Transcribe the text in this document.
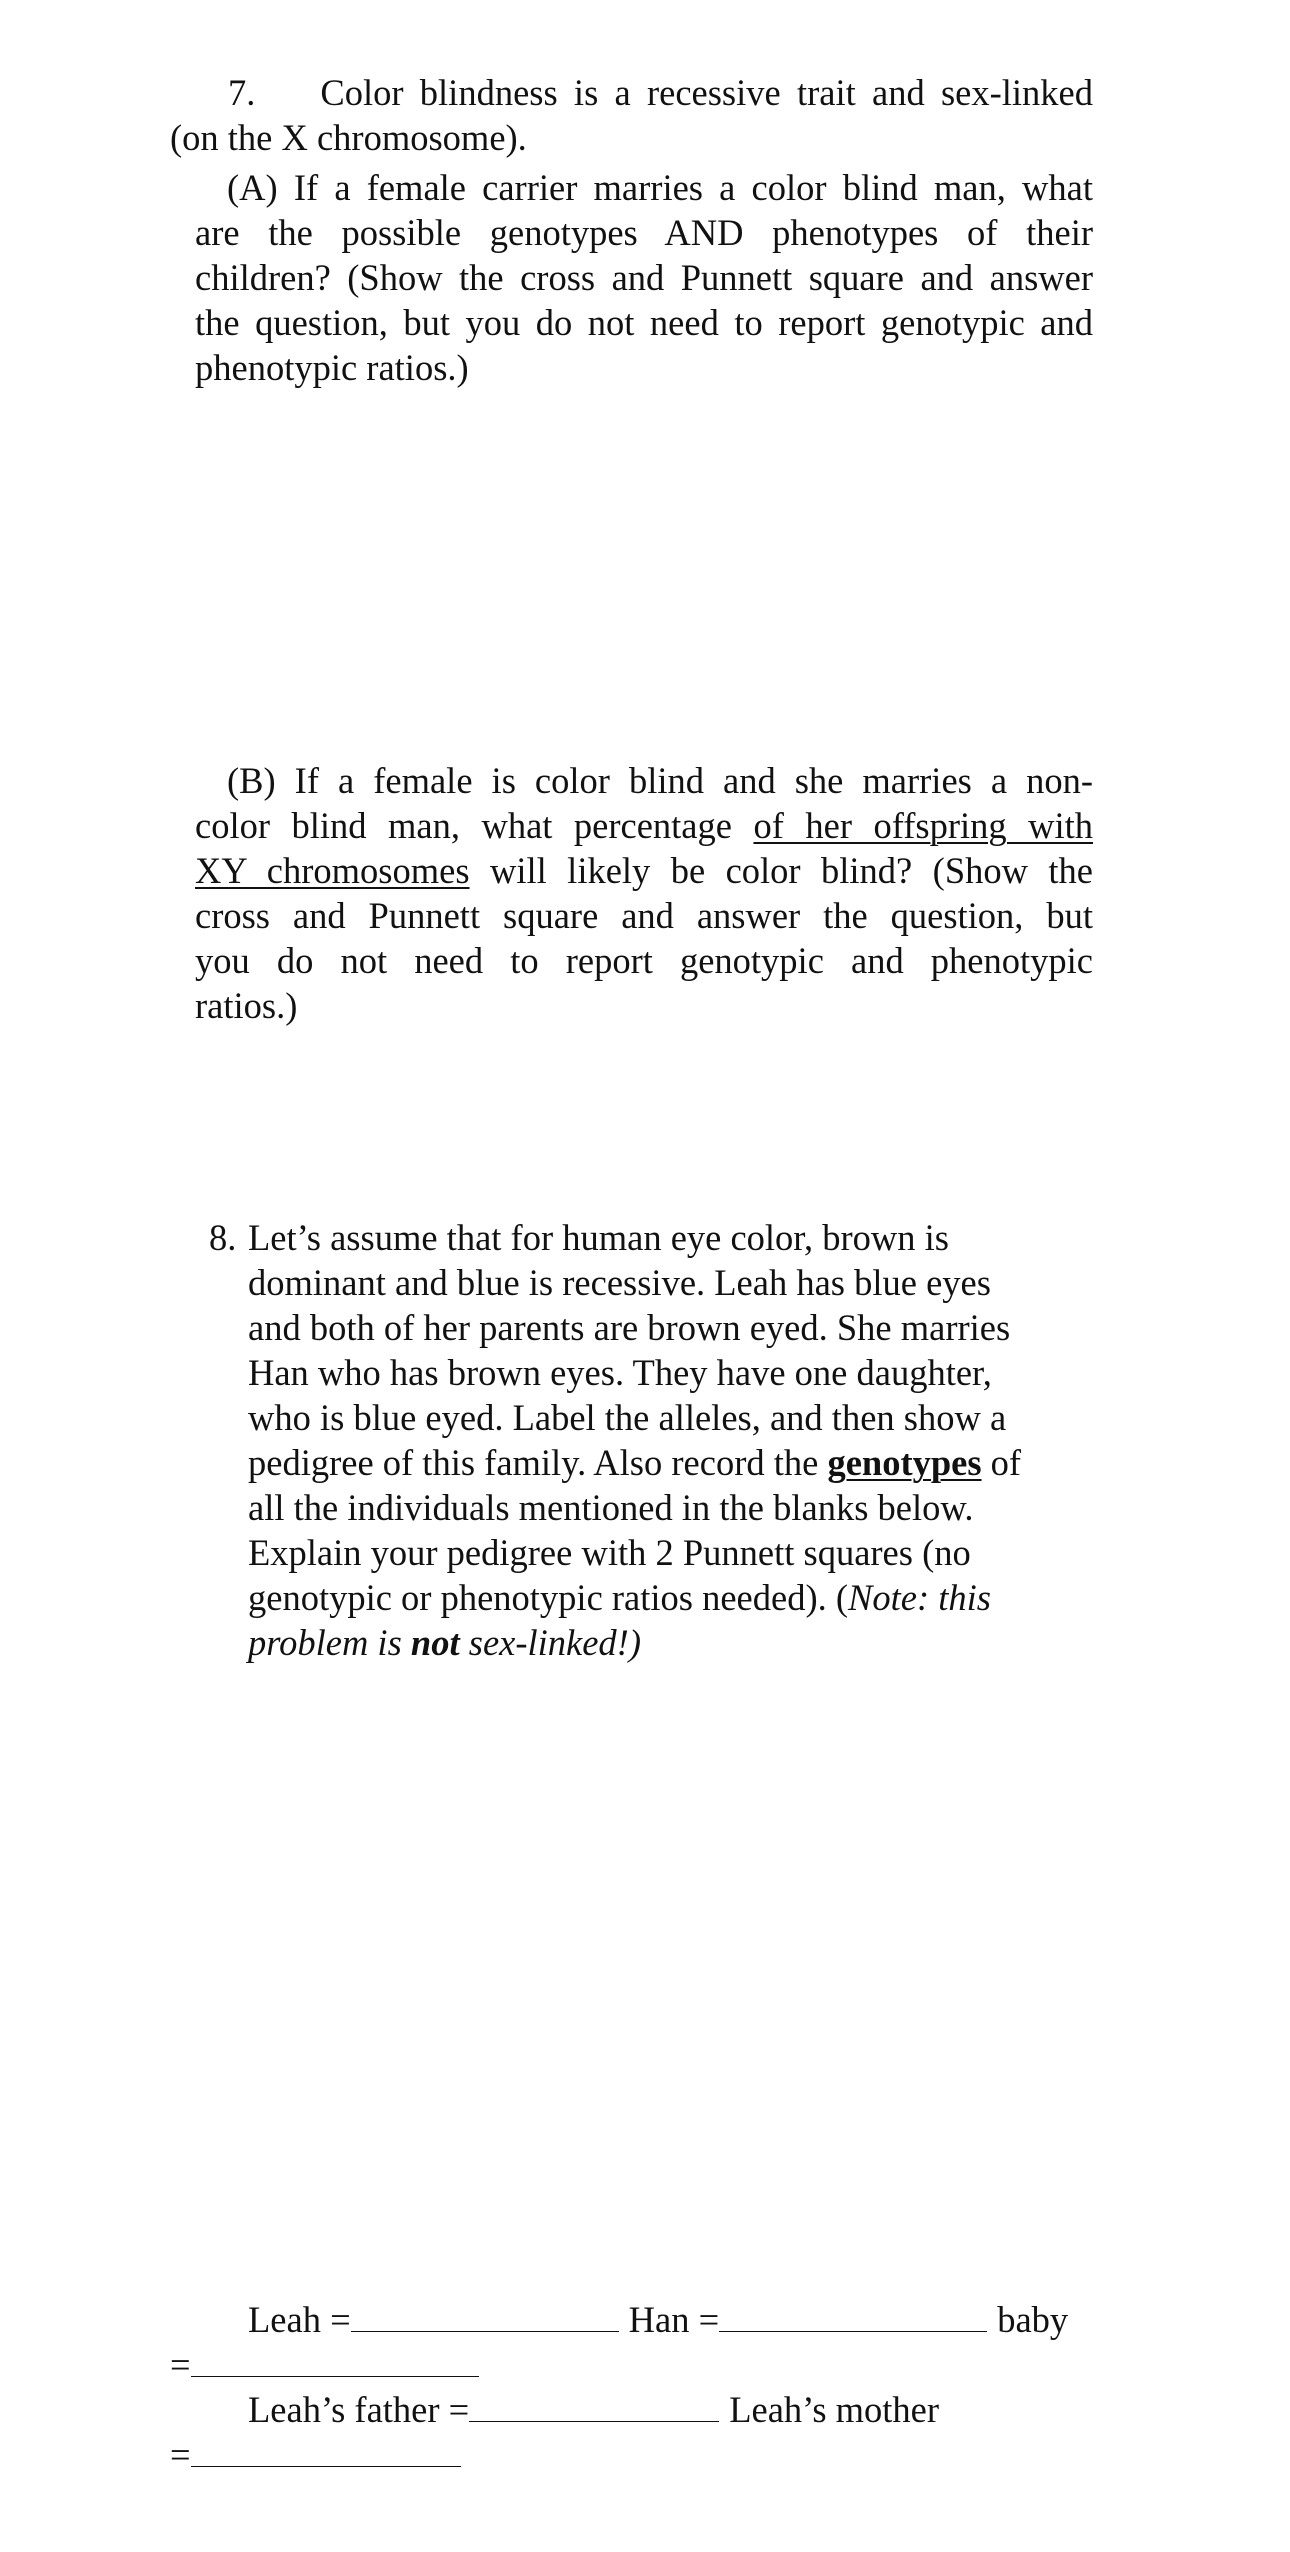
7. Color blindness is a recessive trait and sex-linked
(on the X chromosome).
(A) If a female carrier marries a color blind man, what
are the possible genotypes AND phenotypes of their
children? (Show the cross and Punnett square and answer
the question, but you do not need to report genotypic and
phenotypic ratios.)
(B) If a female is color blind and she marries a non-
color blind man, what percentage of her offspring with
XY chromosomes will likely be color blind? (Show the
cross and Punnett square and answer the question, but
you do not need to report genotypic and phenotypic
ratios.)
8. Let’s assume that for human eye color, brown is
dominant and blue is recessive. Leah has blue eyes
and both of her parents are brown eyed. She marries
Han who has brown eyes. They have one daughter,
who is blue eyed. Label the alleles, and then show a
pedigree of this family. Also record the genotypes of
all the individuals mentioned in the blanks below.
Explain your pedigree with 2 Punnett squares (no
genotypic or phenotypic ratios needed). (Note: this
problem is not sex-linked!)
Leah =	Han =	baby
=
Leah’s father =	Leah’s mother
=
